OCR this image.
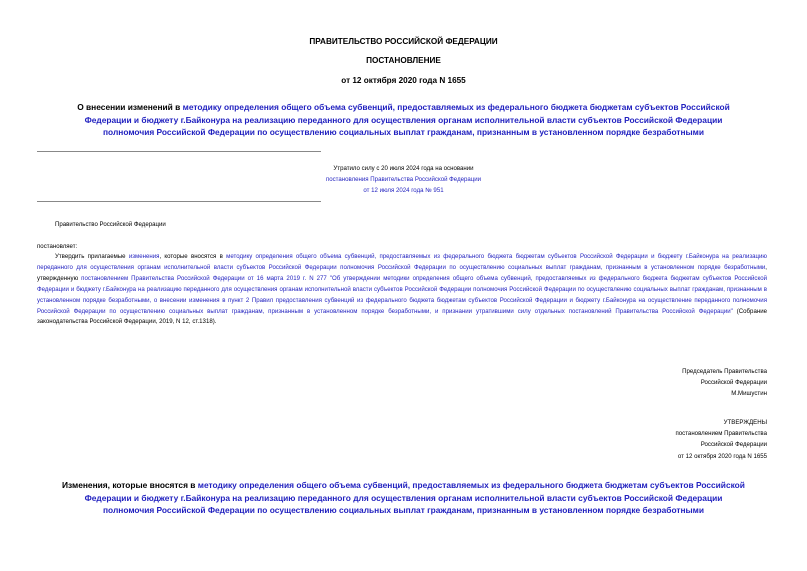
ПРАВИТЕЛЬСТВО РОССИЙСКОЙ ФЕДЕРАЦИИ
ПОСТАНОВЛЕНИЕ
от 12 октября 2020 года N 1655
О внесении изменений в методику определения общего объема субвенций, предоставляемых из федерального бюджета бюджетам субъектов Российской
Федерации и бюджету г.Байконура на реализацию переданного для осуществления органам исполнительной власти субъектов Российской Федерации
полномочия Российской Федерации по осуществлению социальных выплат гражданам, признанным в установленном порядке безработными
Утратило силу с 20 июля 2024 года на основании
постановления Правительства Российской Федерации
от 12 июля 2024 года № 951
Правительство Российской Федерации
постановляет:
Утвердить прилагаемые изменения, которые вносятся в методику определения общего объема субвенций, предоставляемых из федерального бюджета бюджетам субъектов Российской Федерации и бюджету г.Байконура на реализацию переданного для осуществления органам исполнительной власти субъектов Российской Федерации полномочия Российской Федерации по осуществлению социальных выплат гражданам, признанным в установленном порядке безработными, утвержденную постановлением Правительства Российской Федерации от 16 марта 2019 г. N 277 "Об утверждении методики определения общего объема субвенций, предоставляемых из федерального бюджета бюджетам субъектов Российской Федерации и бюджету г.Байконура на реализацию переданного для осуществления органам исполнительной власти субъектов Российской Федерации полномочия Российской Федерации по осуществлению социальных выплат гражданам, признанным в установленном порядке безработными, о внесении изменения в пункт 2 Правил предоставления субвенций из федерального бюджета бюджетам субъектов Российской Федерации и бюджету г.Байконура на осуществление переданного полномочия Российской Федерации по осуществлению социальных выплат гражданам, признанным в установленном порядке безработными, и признании утратившими силу отдельных постановлений Правительства Российской Федерации" (Собрание законодательства Российской Федерации, 2019, N 12, ст.1318).
Председатель Правительства
Российской Федерации
М.Мишустин
УТВЕРЖДЕНЫ
постановлением Правительства
Российской Федерации
от 12 октября 2020 года N 1655
Изменения, которые вносятся в методику определения общего объема субвенций, предоставляемых из федерального бюджета бюджетам субъектов Российской
Федерации и бюджету г.Байконура на реализацию переданного для осуществления органам исполнительной власти субъектов Российской Федерации
полномочия Российской Федерации по осуществлению социальных выплат гражданам, признанным в установленном порядке безработными
